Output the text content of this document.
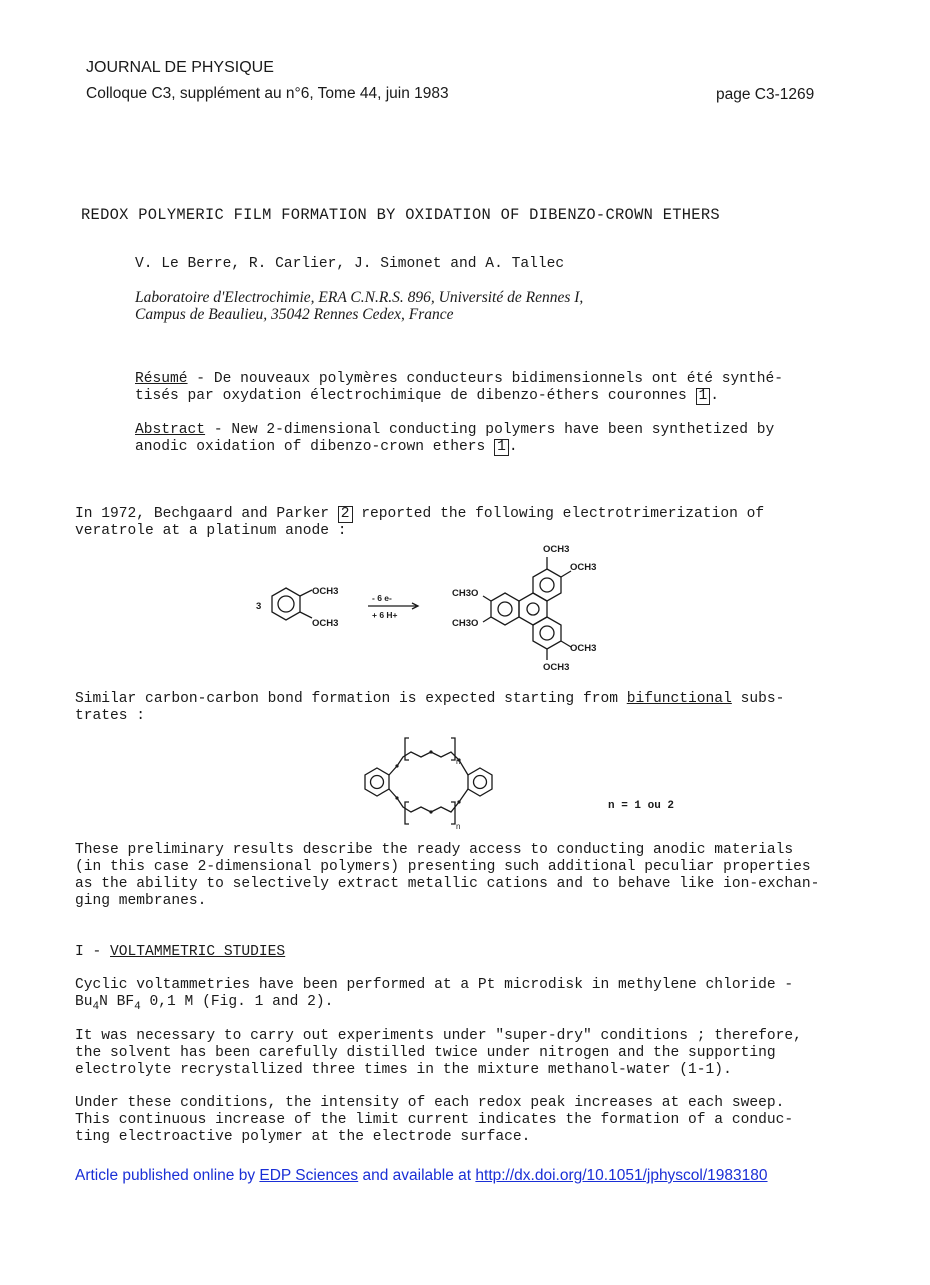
JOURNAL DE PHYSIQUE
Colloque C3, supplément au n°6, Tome 44, juin 1983	page C3-1269
REDOX POLYMERIC FILM FORMATION BY OXIDATION OF DIBENZO-CROWN ETHERS
V. Le Berre, R. Carlier, J. Simonet and A. Tallec
Laboratoire d'Electrochimie, ERA C.N.R.S. 896, Université de Rennes I,
Campus de Beaulieu, 35042 Rennes Cedex, France
Résumé - De nouveaux polymères conducteurs bidimensionnels ont été synthé-
tisés par oxydation électrochimique de dibenzo-éthers couronnes 1 .
Abstract - New 2-dimensional conducting polymers have been synthetized by
anodic oxidation of dibenzo-crown ethers 1 .
In 1972, Bechgaard and Parker 2 reported the following electrotrimerization of
veratrole at a platinum anode :
3
OCH3
OCH3
- 6 e-
+ 6 H+
OCH3
OCH3
CH3O
CH3O
OCH3
OCH3
Similar carbon-carbon bond formation is expected starting from bifunctional subs-
trates :
n
n
n = 1 ou 2
These preliminary results describe the ready access to conducting anodic materials
(in this case 2-dimensional polymers) presenting such additional peculiar properties
as the ability to selectively extract metallic cations and to behave like ion-exchan-
ging membranes.
I - VOLTAMMETRIC STUDIES
Cyclic voltammetries have been performed at a Pt microdisk in methylene chloride -
$Bu_4N$ $BF_4$ 0,1 M (Fig. 1 and 2).
It was necessary to carry out experiments under "super-dry" conditions ; therefore,
the solvent has been carefully distilled twice under nitrogen and the supporting
electrolyte recrystallized three times in the mixture methanol-water (1-1).
Under these conditions, the intensity of each redox peak increases at each sweep.
This continuous increase of the limit current indicates the formation of a conduc-
ting electroactive polymer at the electrode surface.
Article published online by EDP Sciences and available at http://dx.doi.org/10.1051/jphyscol/1983180
